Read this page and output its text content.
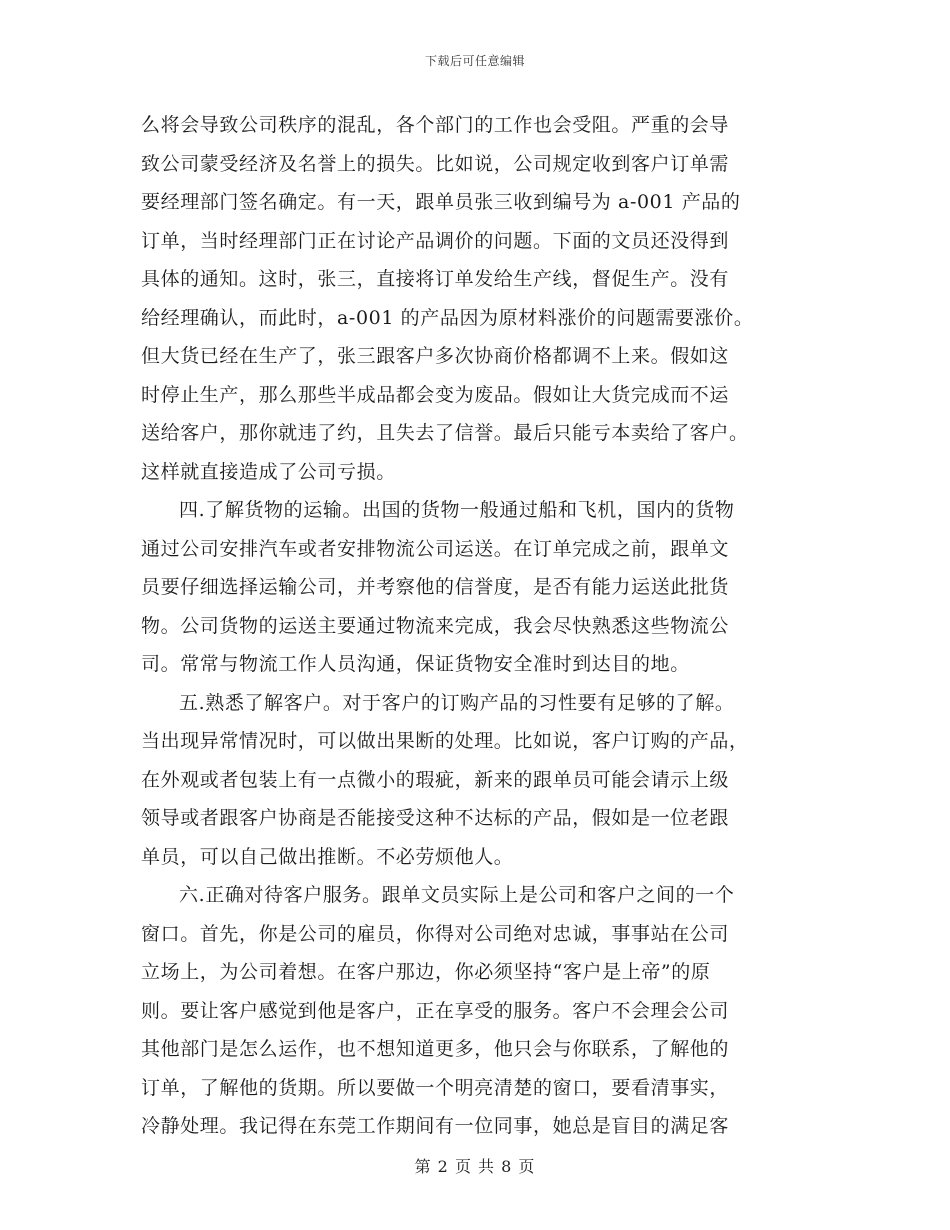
下载后可任意编辑
么将会导致公司秩序的混乱，各个部门的工作也会受阻。严重的会导
致公司蒙受经济及名誉上的损失。比如说，公司规定收到客户订单需
要经理部门签名确定。有一天，跟单员张三收到编号为 a-001 产品的
订单，当时经理部门正在讨论产品调价的问题。下面的文员还没得到
具体的通知。这时，张三，直接将订单发给生产线，督促生产。没有
给经理确认，而此时，a-001 的产品因为原材料涨价的问题需要涨价。
但大货已经在生产了，张三跟客户多次协商价格都调不上来。假如这
时停止生产，那么那些半成品都会变为废品。假如让大货完成而不运
送给客户，那你就违了约，且失去了信誉。最后只能亏本卖给了客户。
这样就直接造成了公司亏损。
四.了解货物的运输。出国的货物一般通过船和飞机，国内的货物
通过公司安排汽车或者安排物流公司运送。在订单完成之前，跟单文
员要仔细选择运输公司，并考察他的信誉度，是否有能力运送此批货
物。公司货物的运送主要通过物流来完成，我会尽快熟悉这些物流公
司。常常与物流工作人员沟通，保证货物安全准时到达目的地。
五.熟悉了解客户。对于客户的订购产品的习性要有足够的了解。
当出现异常情况时，可以做出果断的处理。比如说，客户订购的产品，
在外观或者包装上有一点微小的瑕疵，新来的跟单员可能会请示上级
领导或者跟客户协商是否能接受这种不达标的产品，假如是一位老跟
单员，可以自己做出推断。不必劳烦他人。
六.正确对待客户服务。跟单文员实际上是公司和客户之间的一个
窗口。首先，你是公司的雇员，你得对公司绝对忠诚，事事站在公司
立场上，为公司着想。在客户那边，你必须坚持“客户是上帝”的原
则。要让客户感觉到他是客户，正在享受的服务。客户不会理会公司
其他部门是怎么运作，也不想知道更多，他只会与你联系，了解他的
订单，了解他的货期。所以要做一个明亮清楚的窗口，要看清事实，
冷静处理。我记得在东莞工作期间有一位同事，她总是盲目的满足客
第 2 页 共 8 页
